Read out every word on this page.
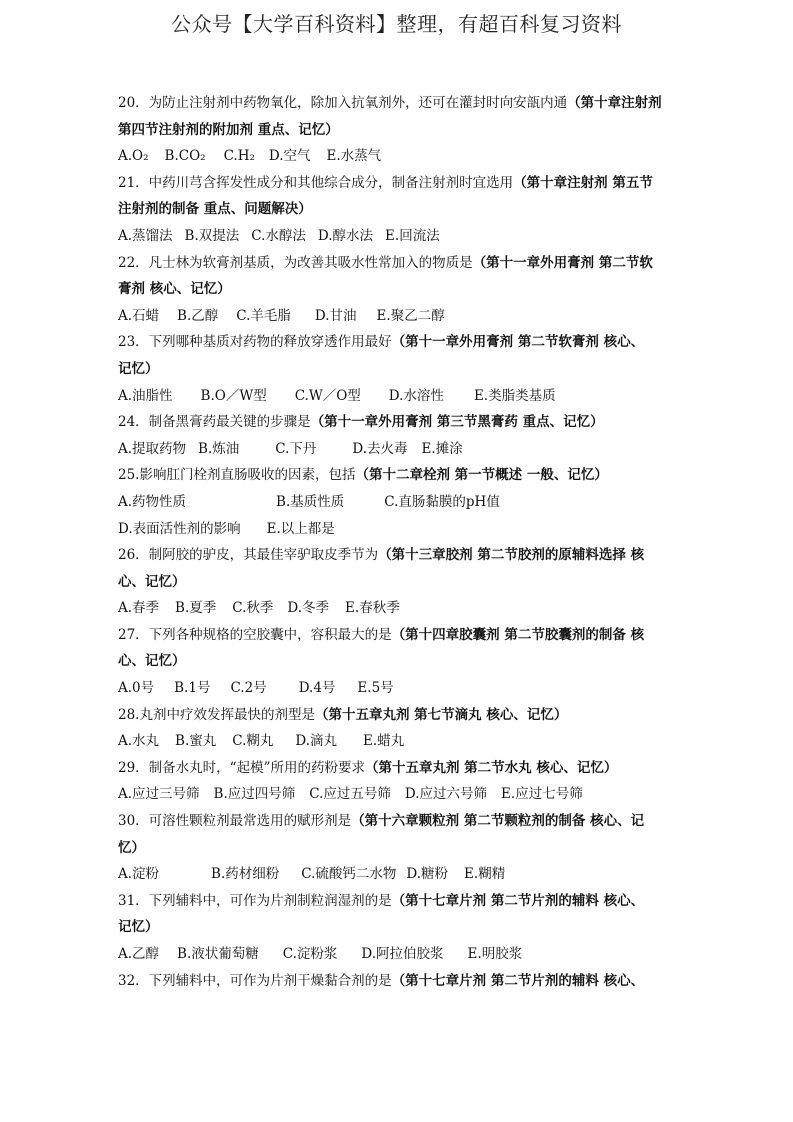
公众号【大学百科资料】整理，有超百科复习资料
20．为防止注射剂中药物氧化，除加入抗氧剂外，还可在灌封时向安瓿内通（第十章注射剂
第四节注射剂的附加剂 重点、记忆）
A.O₂ B.CO₂ C.H₂ D.空气 E.水蒸气
21．中药川芎含挥发性成分和其他综合成分，制备注射剂时宜选用（第十章注射剂 第五节
注射剂的制备 重点、问题解决）
A.蒸馏法 B.双提法 C.水醇法 D.醇水法 E.回流法
22．凡士林为软膏剂基质，为改善其吸水性常加入的物质是（第十一章外用膏剂 第二节软
膏剂 核心、记忆）
A.石蜡 B.乙醇 C.羊毛脂 D.甘油 E.聚乙二醇
23．下列哪种基质对药物的释放穿透作用最好（第十一章外用膏剂 第二节软膏剂 核心、
记忆）
A.油脂性 B.O／W型 C.W／O型 D.水溶性 E.类脂类基质
24．制备黑膏药最关键的步骤是（第十一章外用膏剂 第三节黑膏药 重点、记忆）
A.提取药物 B.炼油	C.下丹	D.去火毒 E.摊涂
25.影响肛门栓剂直肠吸收的因素，包括（第十二章栓剂 第一节概述 一般、记忆）
A.药物性质	B.基质性质	C.直肠黏膜的pH值
D.表面活性剂的影响 E.以上都是
26．制阿胶的驴皮，其最佳宰驴取皮季节为（第十三章胶剂 第二节胶剂的原辅料选择 核
心、记忆）
A.春季 B.夏季 C.秋季 D.冬季 E.春秋季
27．下列各种规格的空胶囊中，容积最大的是（第十四章胶囊剂 第二节胶囊剂的制备 核
心、记忆）
A.0号 B.1号 C.2号 D.4号 E.5号
28.丸剂中疗效发挥最快的剂型是（第十五章丸剂 第七节滴丸 核心、记忆）
A.水丸 B.蜜丸 C.糊丸 D.滴丸 E.蜡丸
29．制备水丸时，“起模”所用的药粉要求（第十五章丸剂 第二节水丸 核心、记忆）
A.应过三号筛 B.应过四号筛 C.应过五号筛 D.应过六号筛 E.应过七号筛
30．可溶性颗粒剂最常选用的赋形剂是（第十六章颗粒剂 第二节颗粒剂的制备 核心、记
忆）
A.淀粉	B.药材细粉 C.硫酸钙二水物 D.糖粉 E.糊精
31．下列辅料中，可作为片剂制粒润湿剂的是（第十七章片剂 第二节片剂的辅料 核心、
记忆）
A.乙醇 B.液状葡萄糖 C.淀粉浆 D.阿拉伯胶浆 E.明胶浆
32．下列辅料中，可作为片剂干燥黏合剂的是（第十七章片剂 第二节片剂的辅料 核心、
